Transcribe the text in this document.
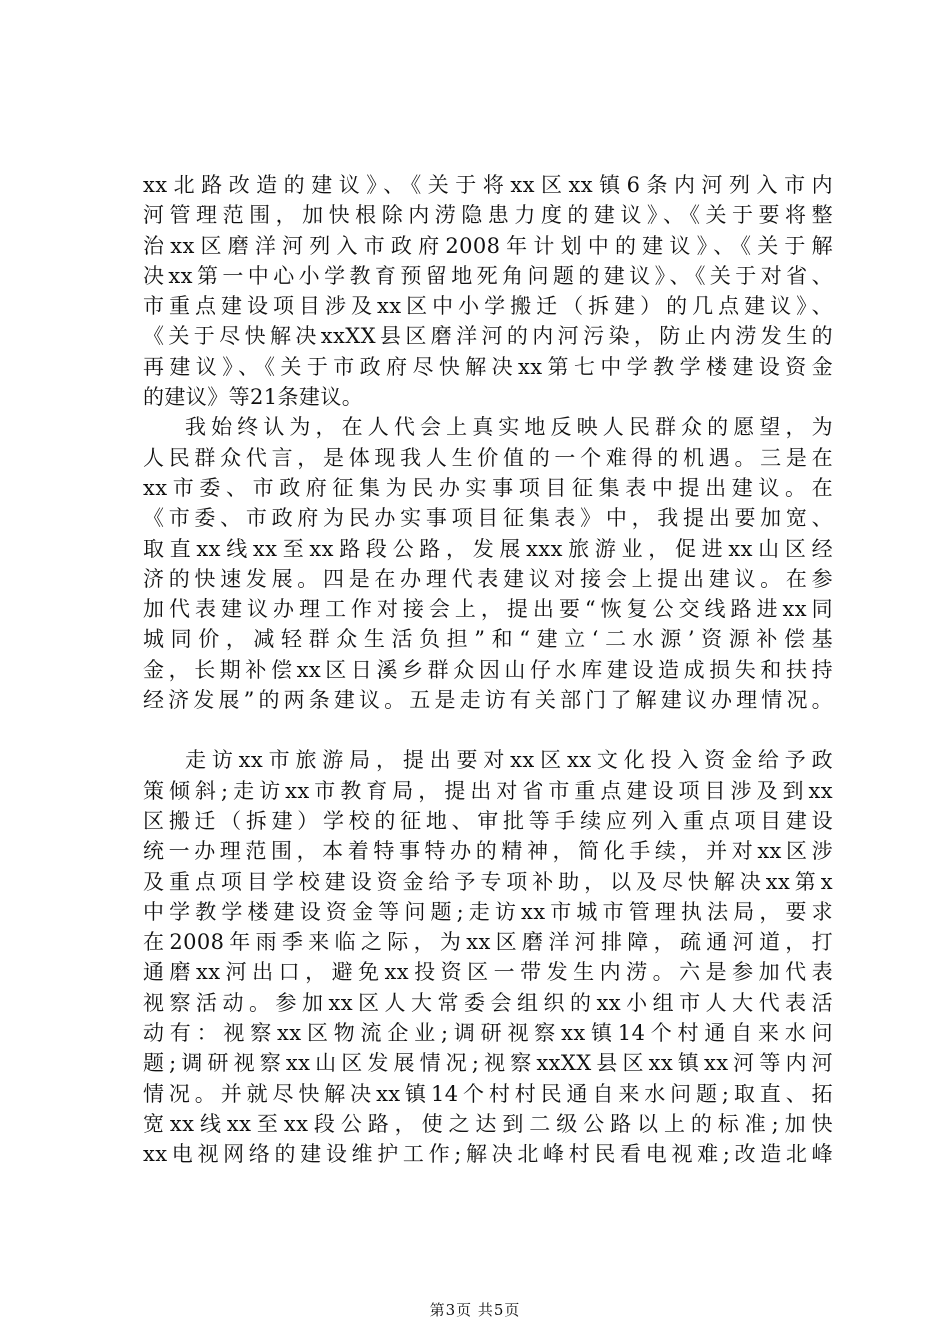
xx北路改造的建议》、《关于将xx区xx镇6条内河列入市内
河管理范围，加快根除内涝隐患力度的建议》、《关于要将整
治xx区磨洋河列入市政府2008年计划中的建议》、《关于解
决xx第一中心小学教育预留地死角问题的建议》、《关于对省、
市重点建设项目涉及xx区中小学搬迁（拆建）的几点建议》、
《关于尽快解决xxXX县区磨洋河的内河污染，防止内涝发生的
再建议》、《关于市政府尽快解决xx第七中学教学楼建设资金
的建议》等21条建议。
我始终认为，在人代会上真实地反映人民群众的愿望，为
人民群众代言，是体现我人生价值的一个难得的机遇。三是在
xx市委、市政府征集为民办实事项目征集表中提出建议。在
《市委、市政府为民办实事项目征集表》中，我提出要加宽、
取直xx线xx至xx路段公路，发展xxx旅游业，促进xx山区经
济的快速发展。四是在办理代表建议对接会上提出建议。在参
加代表建议办理工作对接会上，提出要“恢复公交线路进xx同
城同价，减轻群众生活负担”和“建立‘二水源’资源补偿基
金，长期补偿xx区日溪乡群众因山仔水库建设造成损失和扶持
经济发展”的两条建议。五是走访有关部门了解建议办理情况。
走访xx市旅游局，提出要对xx区xx文化投入资金给予政
策倾斜;走访xx市教育局，提出对省市重点建设项目涉及到xx
区搬迁（拆建）学校的征地、审批等手续应列入重点项目建设
统一办理范围，本着特事特办的精神，简化手续，并对xx区涉
及重点项目学校建设资金给予专项补助，以及尽快解决xx第x
中学教学楼建设资金等问题;走访xx市城市管理执法局，要求
在2008年雨季来临之际，为xx区磨洋河排障，疏通河道，打
通磨xx河出口，避免xx投资区一带发生内涝。六是参加代表
视察活动。参加xx区人大常委会组织的xx小组市人大代表活
动有：视察xx区物流企业;调研视察xx镇14个村通自来水问
题;调研视察xx山区发展情况;视察xxXX县区xx镇xx河等内河
情况。并就尽快解决xx镇14个村村民通自来水问题;取直、拓
宽xx线xx至xx段公路，使之达到二级公路以上的标准;加快
xx电视网络的建设维护工作;解决北峰村民看电视难;改造北峰
第3页 共5页
